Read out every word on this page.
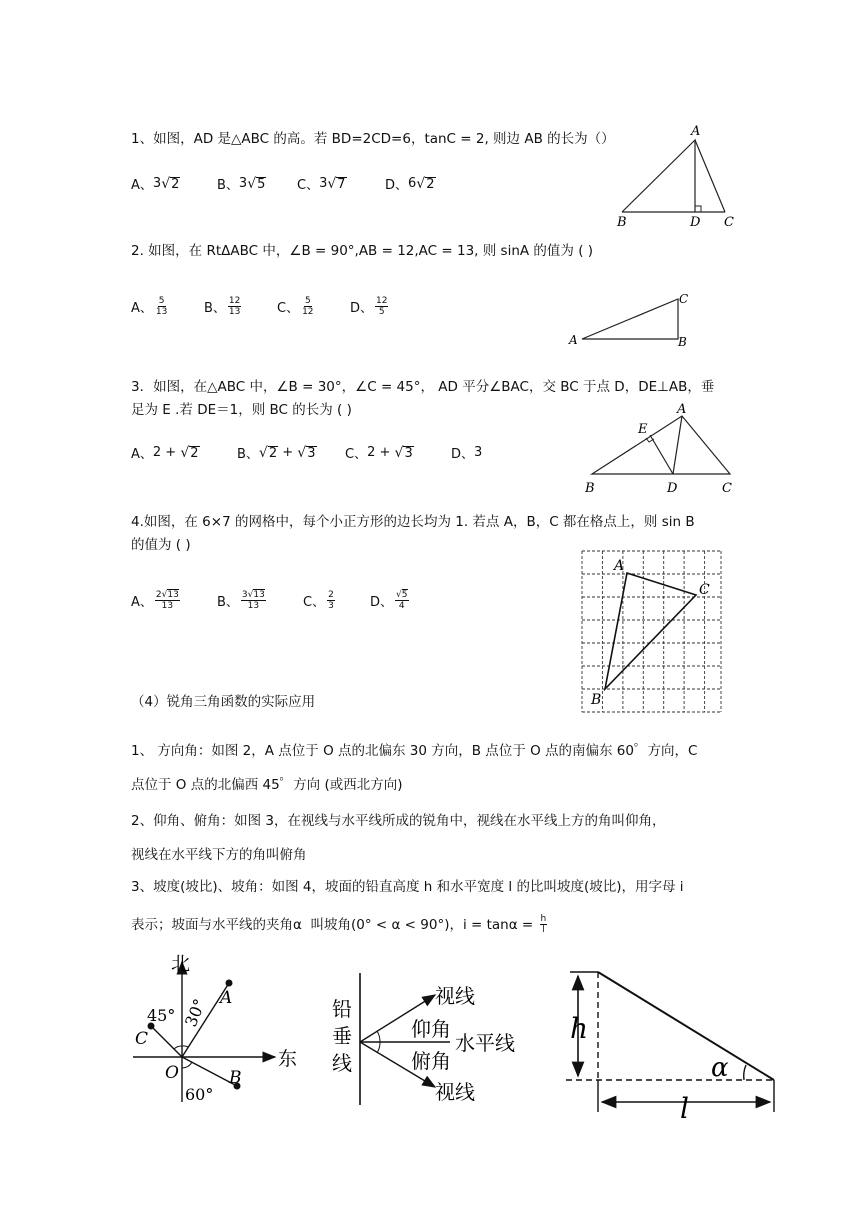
1、如图，AD 是△ABC 的高。若 BD=2CD=6，tanC = 2, 则边 AB 的长为（）
A、 3 √ 2	B、 3 √ 5 C、 3 √ 7	D、 6 √ 2
A
B	D C
2. 如图，在 RtΔABC 中，∠B = 90°,AB = 12,AC = 13, 则 sinA 的值为 ( )
A、 $\frac{5}{13}$	B、 $\frac{12}{13}$	C、 $\frac{5}{12}$	D、 $\frac{12}{5}$
A	B
C
3．如图，在△ABC 中，∠B = 30°，∠C = 45°， AD 平分∠BAC，交 BC 于点 D，DE⊥AB，垂
足为 E .若 DE＝1，则 BC 的长为 ( )
A、 2 + √ 2	B、 √ 2 + √ 3 C、 2 + √ 3	D、 3
A
E
B	D	C
4.如图，在 6×7 的网格中，每个小正方形的边长均为 1. 若点 A，B，C 都在格点上，则 sin B
的值为 ( )
A、 $\frac{2√13}{13}$	B、 $\frac{3√13}{13}$	C、 $\frac{2}{3}$	D、 $\frac{√5}{4}$
A
C
B
（4）锐角三角函数的实际应用
1、 方向角：如图 2，A 点位于 O 点的北偏东 30 方向，B 点位于 O 点的南偏东 60゜方向，C
点位于 O 点的北偏西 45゜方向 (或西北方向)
2、仰角、俯角：如图 3，在视线与水平线所成的锐角中，视线在水平线上方的角叫仰角，
视线在水平线下方的角叫俯角
3、坡度(坡比)、坡角：如图 4，坡面的铅直高度 h 和水平宽度 l 的比叫坡度(坡比)，用字母 i
表示；坡面与水平线的夹角α  叫坡角(0° < α < 90°)，$i = \tan\alpha = \frac{h}{l}$
北
东
45° 30°
60°
A
C
O	B
铅
垂
线
视线
仰角
水平线
俯角
视线
h
α
l
